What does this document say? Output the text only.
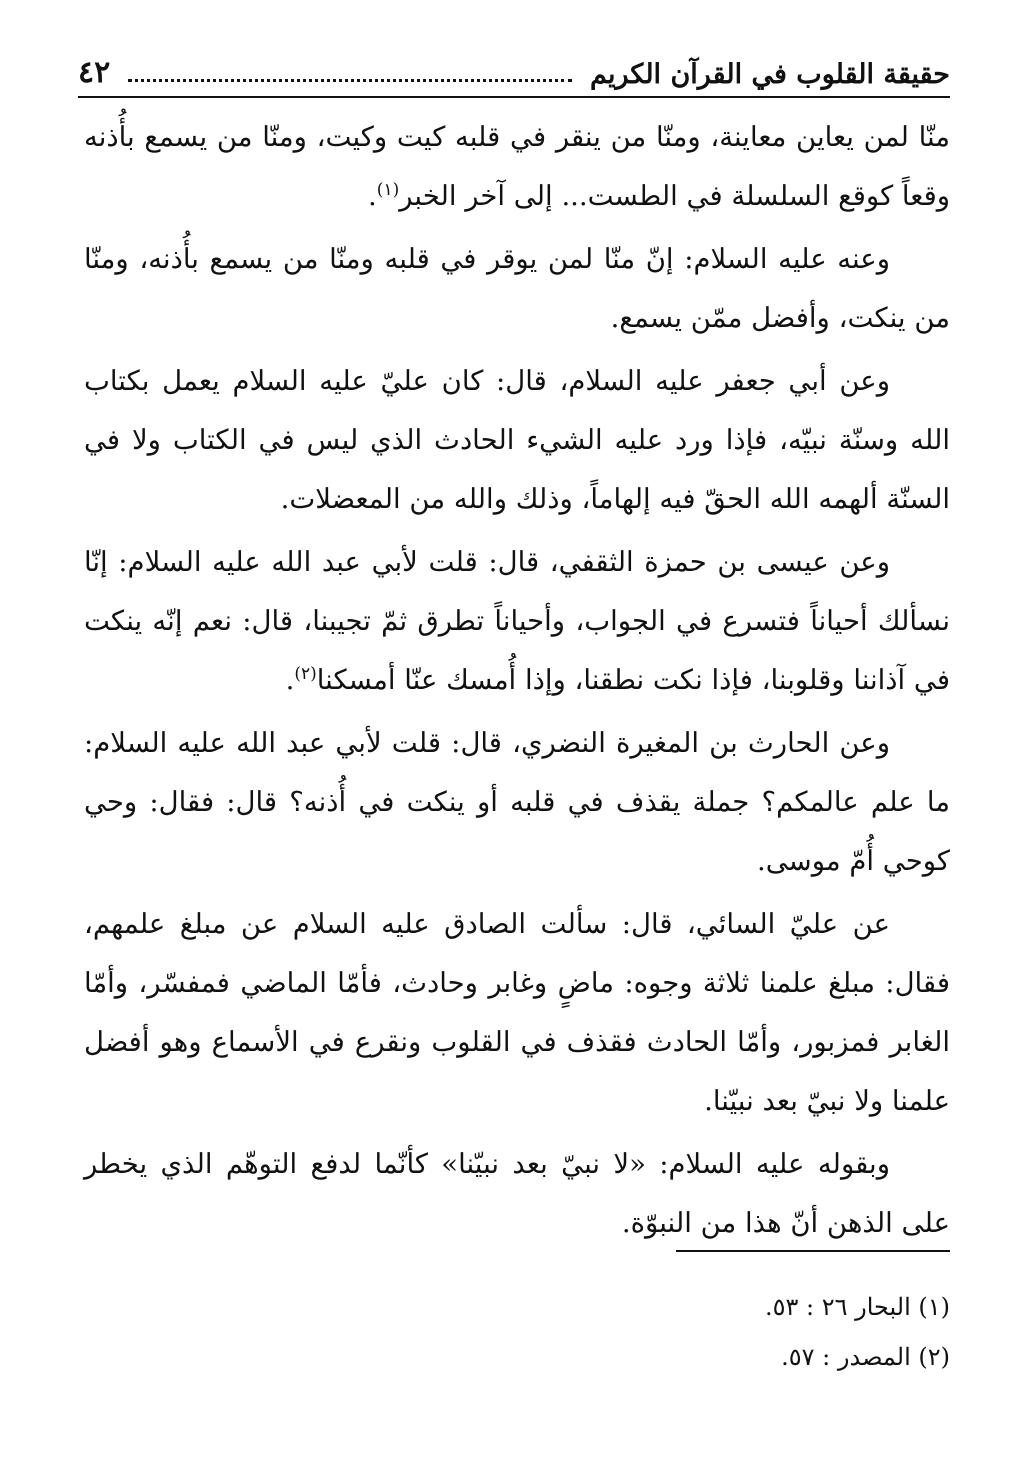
حقيقة القلوب في القرآن الكريم
٤٢

منّا لمن يعاين معاينة، ومنّا من ينقر في قلبه كيت وكيت، ومنّا من يسمع بأُذنه وقعاً كوقع السلسلة في الطست... إلى آخر الخبر$^{(١)}$.

وعنه عليه السلام: إنّ منّا لمن يوقر في قلبه ومنّا من يسمع بأُذنه، ومنّا من ينكت، وأفضل ممّن يسمع.

وعن أبي جعفر عليه السلام، قال: كان عليّ عليه السلام يعمل بكتاب الله وسنّة نبيّه، فإذا ورد عليه الشيء الحادث الذي ليس في الكتاب ولا في السنّة ألهمه الله الحقّ فيه إلهاماً، وذلك والله من المعضلات.

وعن عيسى بن حمزة الثقفي، قال: قلت لأبي عبد الله عليه السلام: إنّا نسألك أحياناً فتسرع في الجواب، وأحياناً تطرق ثمّ تجيبنا، قال: نعم إنّه ينكت في آذاننا وقلوبنا، فإذا نكت نطقنا، وإذا أُمسك عنّا أمسكنا$^{(٢)}$.

وعن الحارث بن المغيرة النضري، قال: قلت لأبي عبد الله عليه السلام: ما علم عالمكم؟ جملة يقذف في قلبه أو ينكت في أُذنه؟ قال: فقال: وحي كوحي أُمّ موسى.

عن عليّ السائي، قال: سألت الصادق عليه السلام عن مبلغ علمهم، فقال: مبلغ علمنا ثلاثة وجوه: ماضٍ وغابر وحادث، فأمّا الماضي فمفسّر، وأمّا الغابر فمزبور، وأمّا الحادث فقذف في القلوب ونقرع في الأسماع وهو أفضل علمنا ولا نبيّ بعد نبيّنا.

وبقوله عليه السلام: «لا نبيّ بعد نبيّنا» كأنّما لدفع التوهّم الذي يخطر على الذهن أنّ هذا من النبوّة.

(١) البحار ٢٦ : ٥٣.
(٢) المصدر : ٥٧.
